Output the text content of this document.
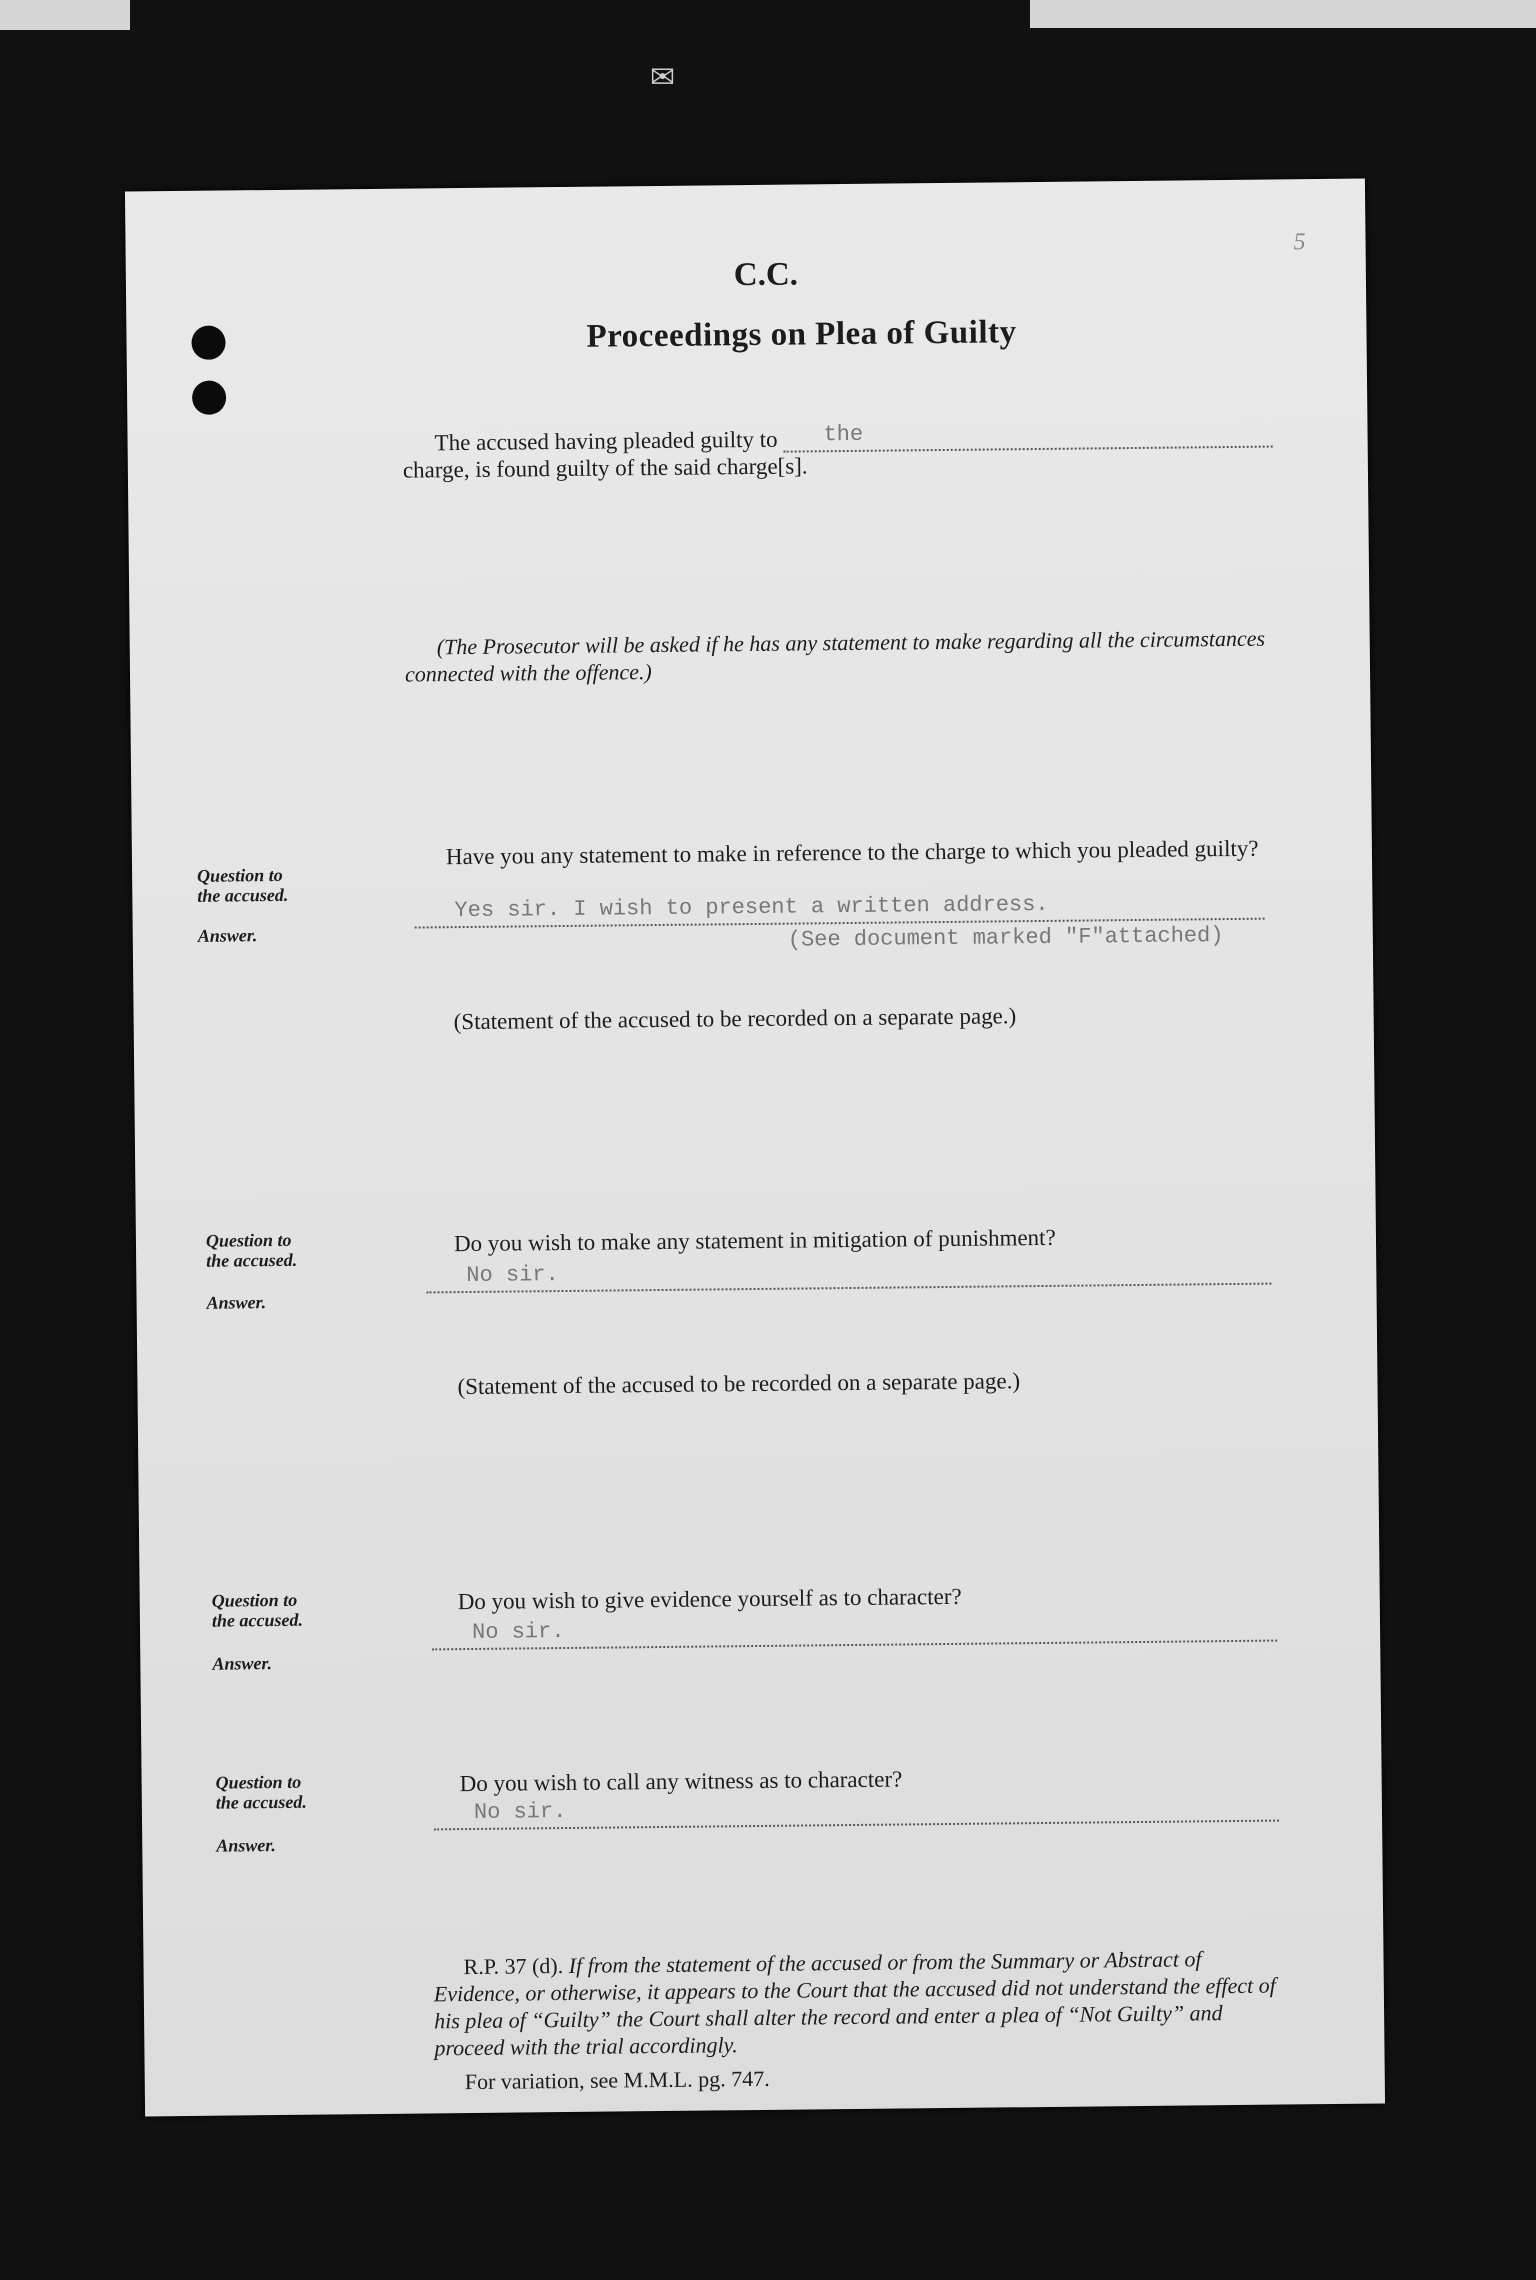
✉
5
C.C.
Proceedings on Plea of Guilty
The accused having pleaded guilty to the
charge, is found guilty of the said charge[s].
(The Prosecutor will be asked if he has any statement to make regarding all the circumstances connected with the offence.)
Question to
the accused.
Have you any statement to make in reference to the charge to which you pleaded guilty?
Answer.
Yes sir. I wish to present a written address.
(See document marked "F"attached)
(Statement of the accused to be recorded on a separate page.)
Question to
the accused.
Do you wish to make any statement in mitigation of punishment?
Answer.
No sir.
(Statement of the accused to be recorded on a separate page.)
Question to
the accused.
Do you wish to give evidence yourself as to character?
Answer.
No sir.
Question to
the accused.
Do you wish to call any witness as to character?
Answer.
No sir.
R.P. 37 (d). If from the statement of the accused or from the Summary or Abstract of Evidence, or otherwise, it appears to the Court that the accused did not understand the effect of his plea of “Guilty” the Court shall alter the record and enter a plea of “Not Guilty” and proceed with the trial accordingly.
For variation, see M.M.L. pg. 747.
